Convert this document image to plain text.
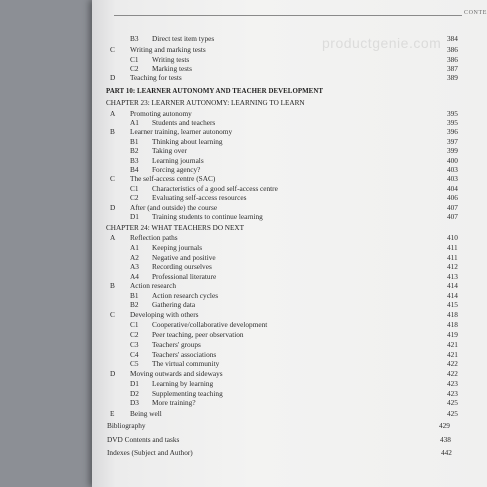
CONTE
productgenie.com
B3 Direct test item types	384
C Writing and marking tests	386
C1 Writing tests	386
C2 Marking tests	387
D Teaching for tests	389
PART 10: LEARNER AUTONOMY AND TEACHER DEVELOPMENT
CHAPTER 23: LEARNER AUTONOMY: LEARNING TO LEARN
A Promoting autonomy	395
A1 Students and teachers	395
B Learner training, learner autonomy	396
B1 Thinking about learning	397
B2 Taking over	399
B3 Learning journals	400
B4 Forcing agency?	403
C The self-access centre (SAC)	403
C1 Characteristics of a good self-access centre	404
C2 Evaluating self-access resources	406
D After (and outside) the course	407
D1 Training students to continue learning	407
CHAPTER 24: WHAT TEACHERS DO NEXT
A Reflection paths	410
A1 Keeping journals	411
A2 Negative and positive	411
A3 Recording ourselves	412
A4 Professional literature	413
B Action research	414
B1 Action research cycles	414
B2 Gathering data	415
C Developing with others	418
C1 Cooperative/collaborative development	418
C2 Peer teaching, peer observation	419
C3 Teachers' groups	421
C4 Teachers' associations	421
C5 The virtual community	422
D Moving outwards and sideways	422
D1 Learning by learning	423
D2 Supplementing teaching	423
D3 More training?	425
E Being well	425
Bibliography	429
DVD Contents and tasks	438
Indexes (Subject and Author)	442
